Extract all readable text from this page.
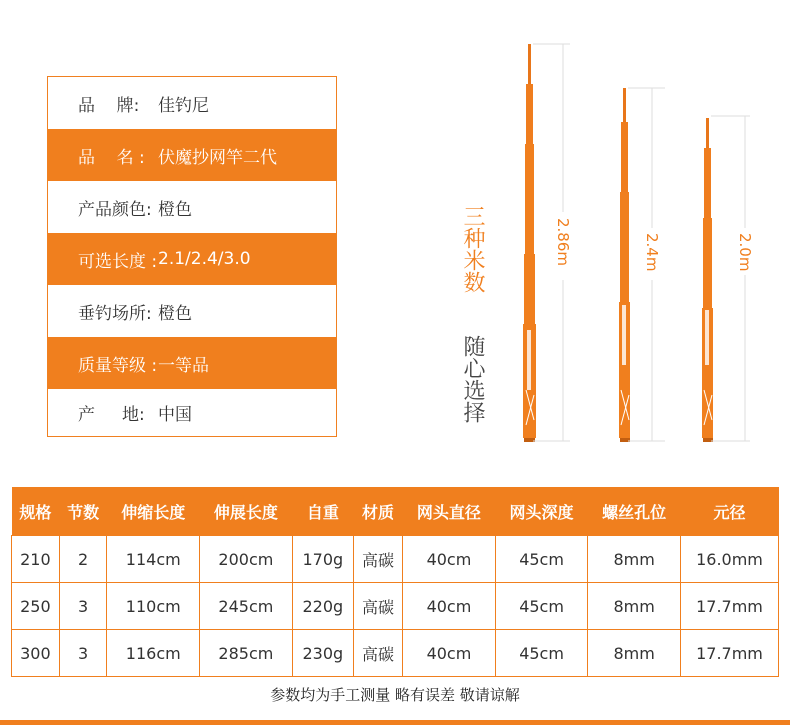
品    牌:	佳钓尼
品    名 : 伏魔抄网竿二代
产品颜色: 橙色
可选长度 : 2.1/2.4/3.0
垂钓场所: 橙色
质量等级 : 一等品
产     地: 中国
三种米数
随心选择
2.86m	2.4m	2.0m
规格	节数	伸缩长度	伸展长度	自重	材质	网头直径	网头深度	螺丝孔位	元径
210	2	114cm	200cm	170g	高碳	40cm	45cm	8mm	16.0mm
250	3	110cm	245cm	220g	高碳	40cm	45cm	8mm	17.7mm
300	3	116cm	285cm	230g	高碳	40cm	45cm	8mm	17.7mm
参数均为手工测量 略有误差 敬请谅解
